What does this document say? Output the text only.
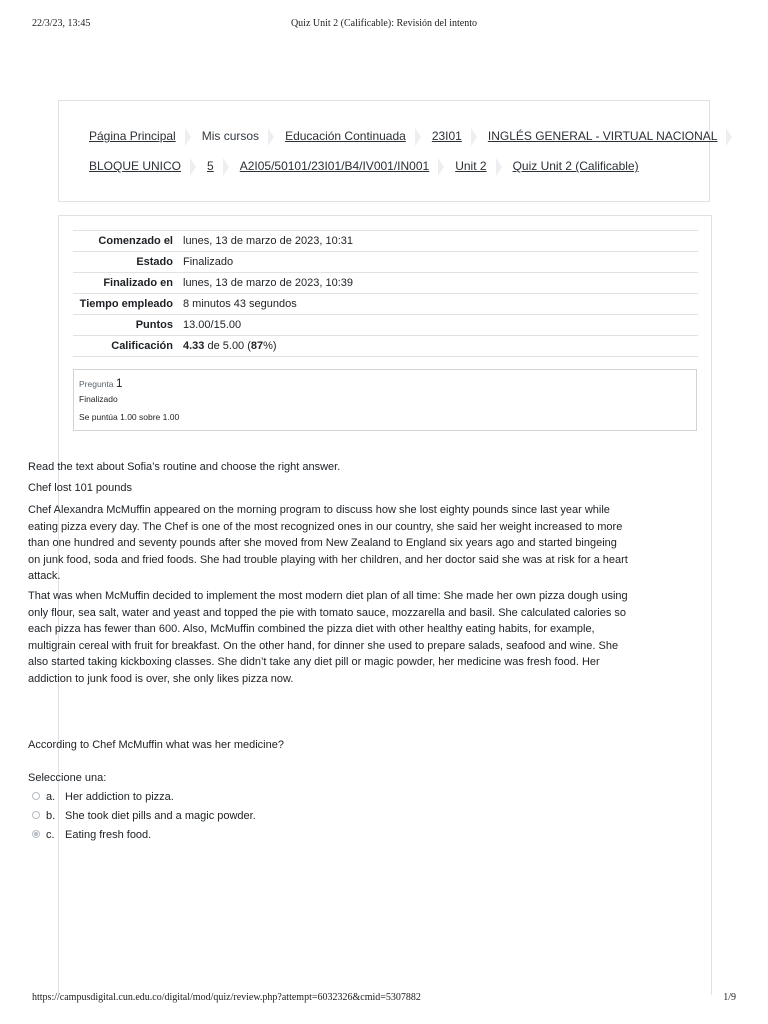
22/3/23, 13:45	Quiz Unit 2 (Calificable): Revisión del intento
Página Principal Mis cursos Educación Continuada 23I01 INGLÉS GENERAL - VIRTUAL NACIONAL
BLOQUE UNICO 5 A2I05/50101/23I01/B4/IV001/IN001 Unit 2 Quiz Unit 2 (Calificable)
Comenzado el	lunes, 13 de marzo de 2023, 10:31
Estado	Finalizado
Finalizado en	lunes, 13 de marzo de 2023, 10:39
Tiempo empleado	8 minutos 43 segundos
Puntos	13.00/15.00
Calificación	4.33 de 5.00 (87%)
Pregunta 1
Finalizado
Se puntúa 1.00 sobre 1.00

Read the text about Sofia’s routine and choose the right answer.

Chef lost 101 pounds

Chef Alexandra McMuffin appeared on the morning program to discuss how she lost eighty pounds since last year while eating pizza every day. The Chef is one of the most recognized ones in our country, she said her weight increased to more than one hundred and seventy pounds after she moved from New Zealand to England six years ago and started bingeing on junk food, soda and fried foods. She had trouble playing with her children, and her doctor said she was at risk for a heart attack.

That was when McMuffin decided to implement the most modern diet plan of all time: She made her own pizza dough using only flour, sea salt, water and yeast and topped the pie with tomato sauce, mozzarella and basil. She calculated calories so each pizza has fewer than 600. Also, McMuffin combined the pizza diet with other healthy eating habits, for example, multigrain cereal with fruit for breakfast. On the other hand, for dinner she used to prepare salads, seafood and wine. She also started taking kickboxing classes. She didn’t take any diet pill or magic powder, her medicine was fresh food. Her addiction to junk food is over, she only likes pizza now.

According to Chef McMuffin what was her medicine?

Seleccione una:

a. Her addiction to pizza.
b. She took diet pills and a magic powder.
c. Eating fresh food.
https://campusdigital.cun.edu.co/digital/mod/quiz/review.php?attempt=6032326&cmid=5307882	1/9
